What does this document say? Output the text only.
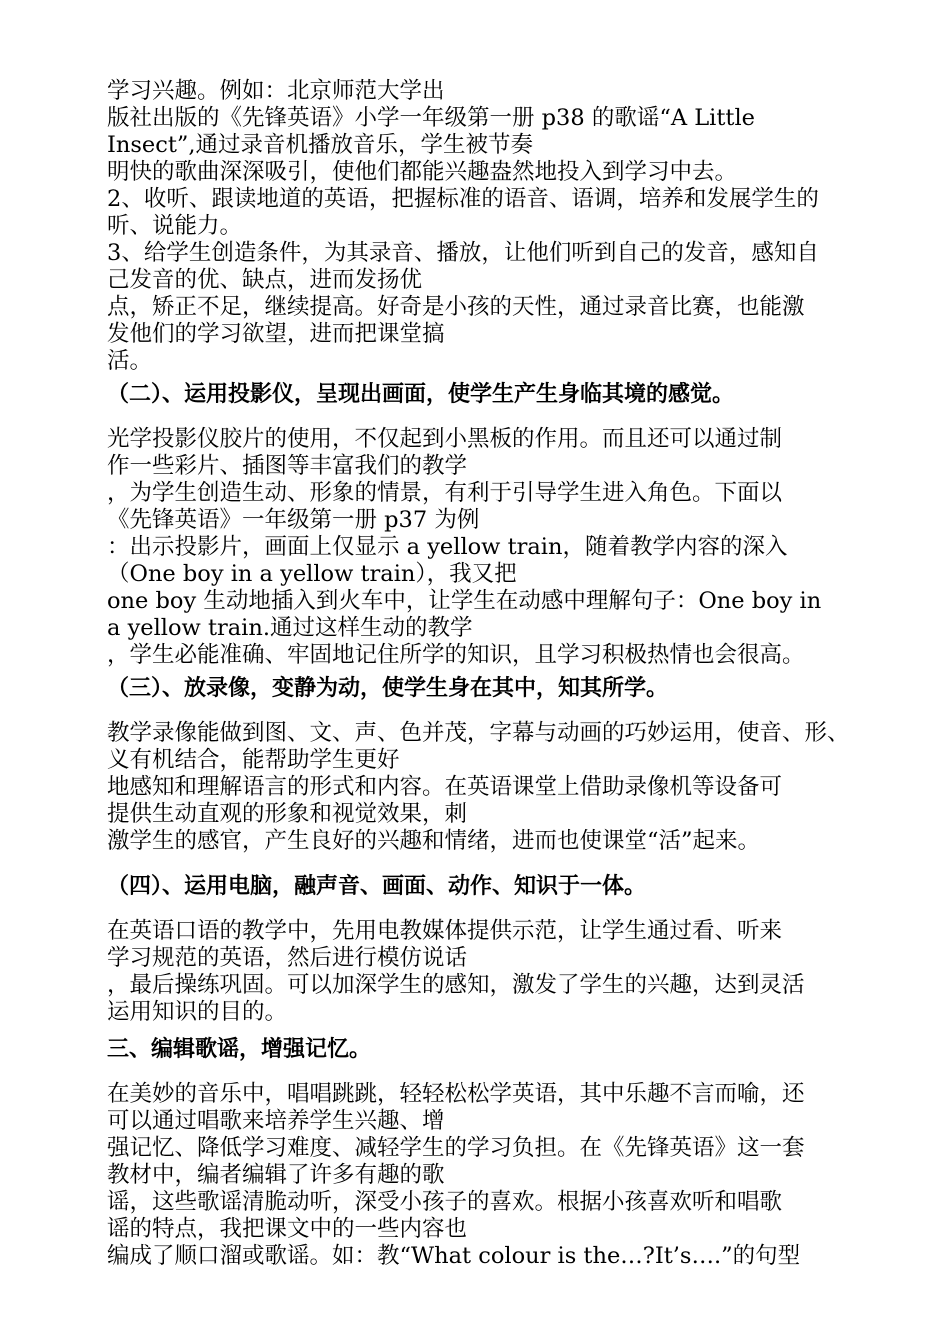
学习兴趣。例如：北京师范大学出
版社出版的《先锋英语》小学一年级第一册 p38 的歌谣“A Little
Insect”,通过录音机播放音乐，学生被节奏
明快的歌曲深深吸引，使他们都能兴趣盎然地投入到学习中去。
2、收听、跟读地道的英语，把握标准的语音、语调，培养和发展学生的
听、说能力。
3、给学生创造条件，为其录音、播放，让他们听到自己的发音，感知自
己发音的优、缺点，进而发扬优
点，矫正不足，继续提高。好奇是小孩的天性，通过录音比赛，也能激
发他们的学习欲望，进而把课堂搞
活。
（二）、运用投影仪，呈现出画面，使学生产生身临其境的感觉。
光学投影仪胶片的使用，不仅起到小黑板的作用。而且还可以通过制
作一些彩片、插图等丰富我们的教学
，为学生创造生动、形象的情景，有利于引导学生进入角色。下面以
《先锋英语》一年级第一册 p37 为例
：出示投影片，画面上仅显示 a yellow train，随着教学内容的深入
（One boy in a yellow train），我又把
one boy 生动地插入到火车中，让学生在动感中理解句子：One boy in
a yellow train.通过这样生动的教学
，学生必能准确、牢固地记住所学的知识，且学习积极热情也会很高。
（三）、放录像，变静为动，使学生身在其中，知其所学。
教学录像能做到图、文、声、色并茂，字幕与动画的巧妙运用，使音、形、
义有机结合，能帮助学生更好
地感知和理解语言的形式和内容。在英语课堂上借助录像机等设备可
提供生动直观的形象和视觉效果，刺
激学生的感官，产生良好的兴趣和情绪，进而也使课堂“活”起来。
（四）、运用电脑，融声音、画面、动作、知识于一体。
在英语口语的教学中，先用电教媒体提供示范，让学生通过看、听来
学习规范的英语，然后进行模仿说话
，最后操练巩固。可以加深学生的感知，激发了学生的兴趣，达到灵活
运用知识的目的。
三、编辑歌谣，增强记忆。
在美妙的音乐中，唱唱跳跳，轻轻松松学英语，其中乐趣不言而喻，还
可以通过唱歌来培养学生兴趣、增
强记忆、降低学习难度、减轻学生的学习负担。在《先锋英语》这一套
教材中，编者编辑了许多有趣的歌
谣，这些歌谣清脆动听，深受小孩子的喜欢。根据小孩喜欢听和唱歌
谣的特点，我把课文中的一些内容也
编成了顺口溜或歌谣。如：教“What colour is the…?It’s….”的句型
